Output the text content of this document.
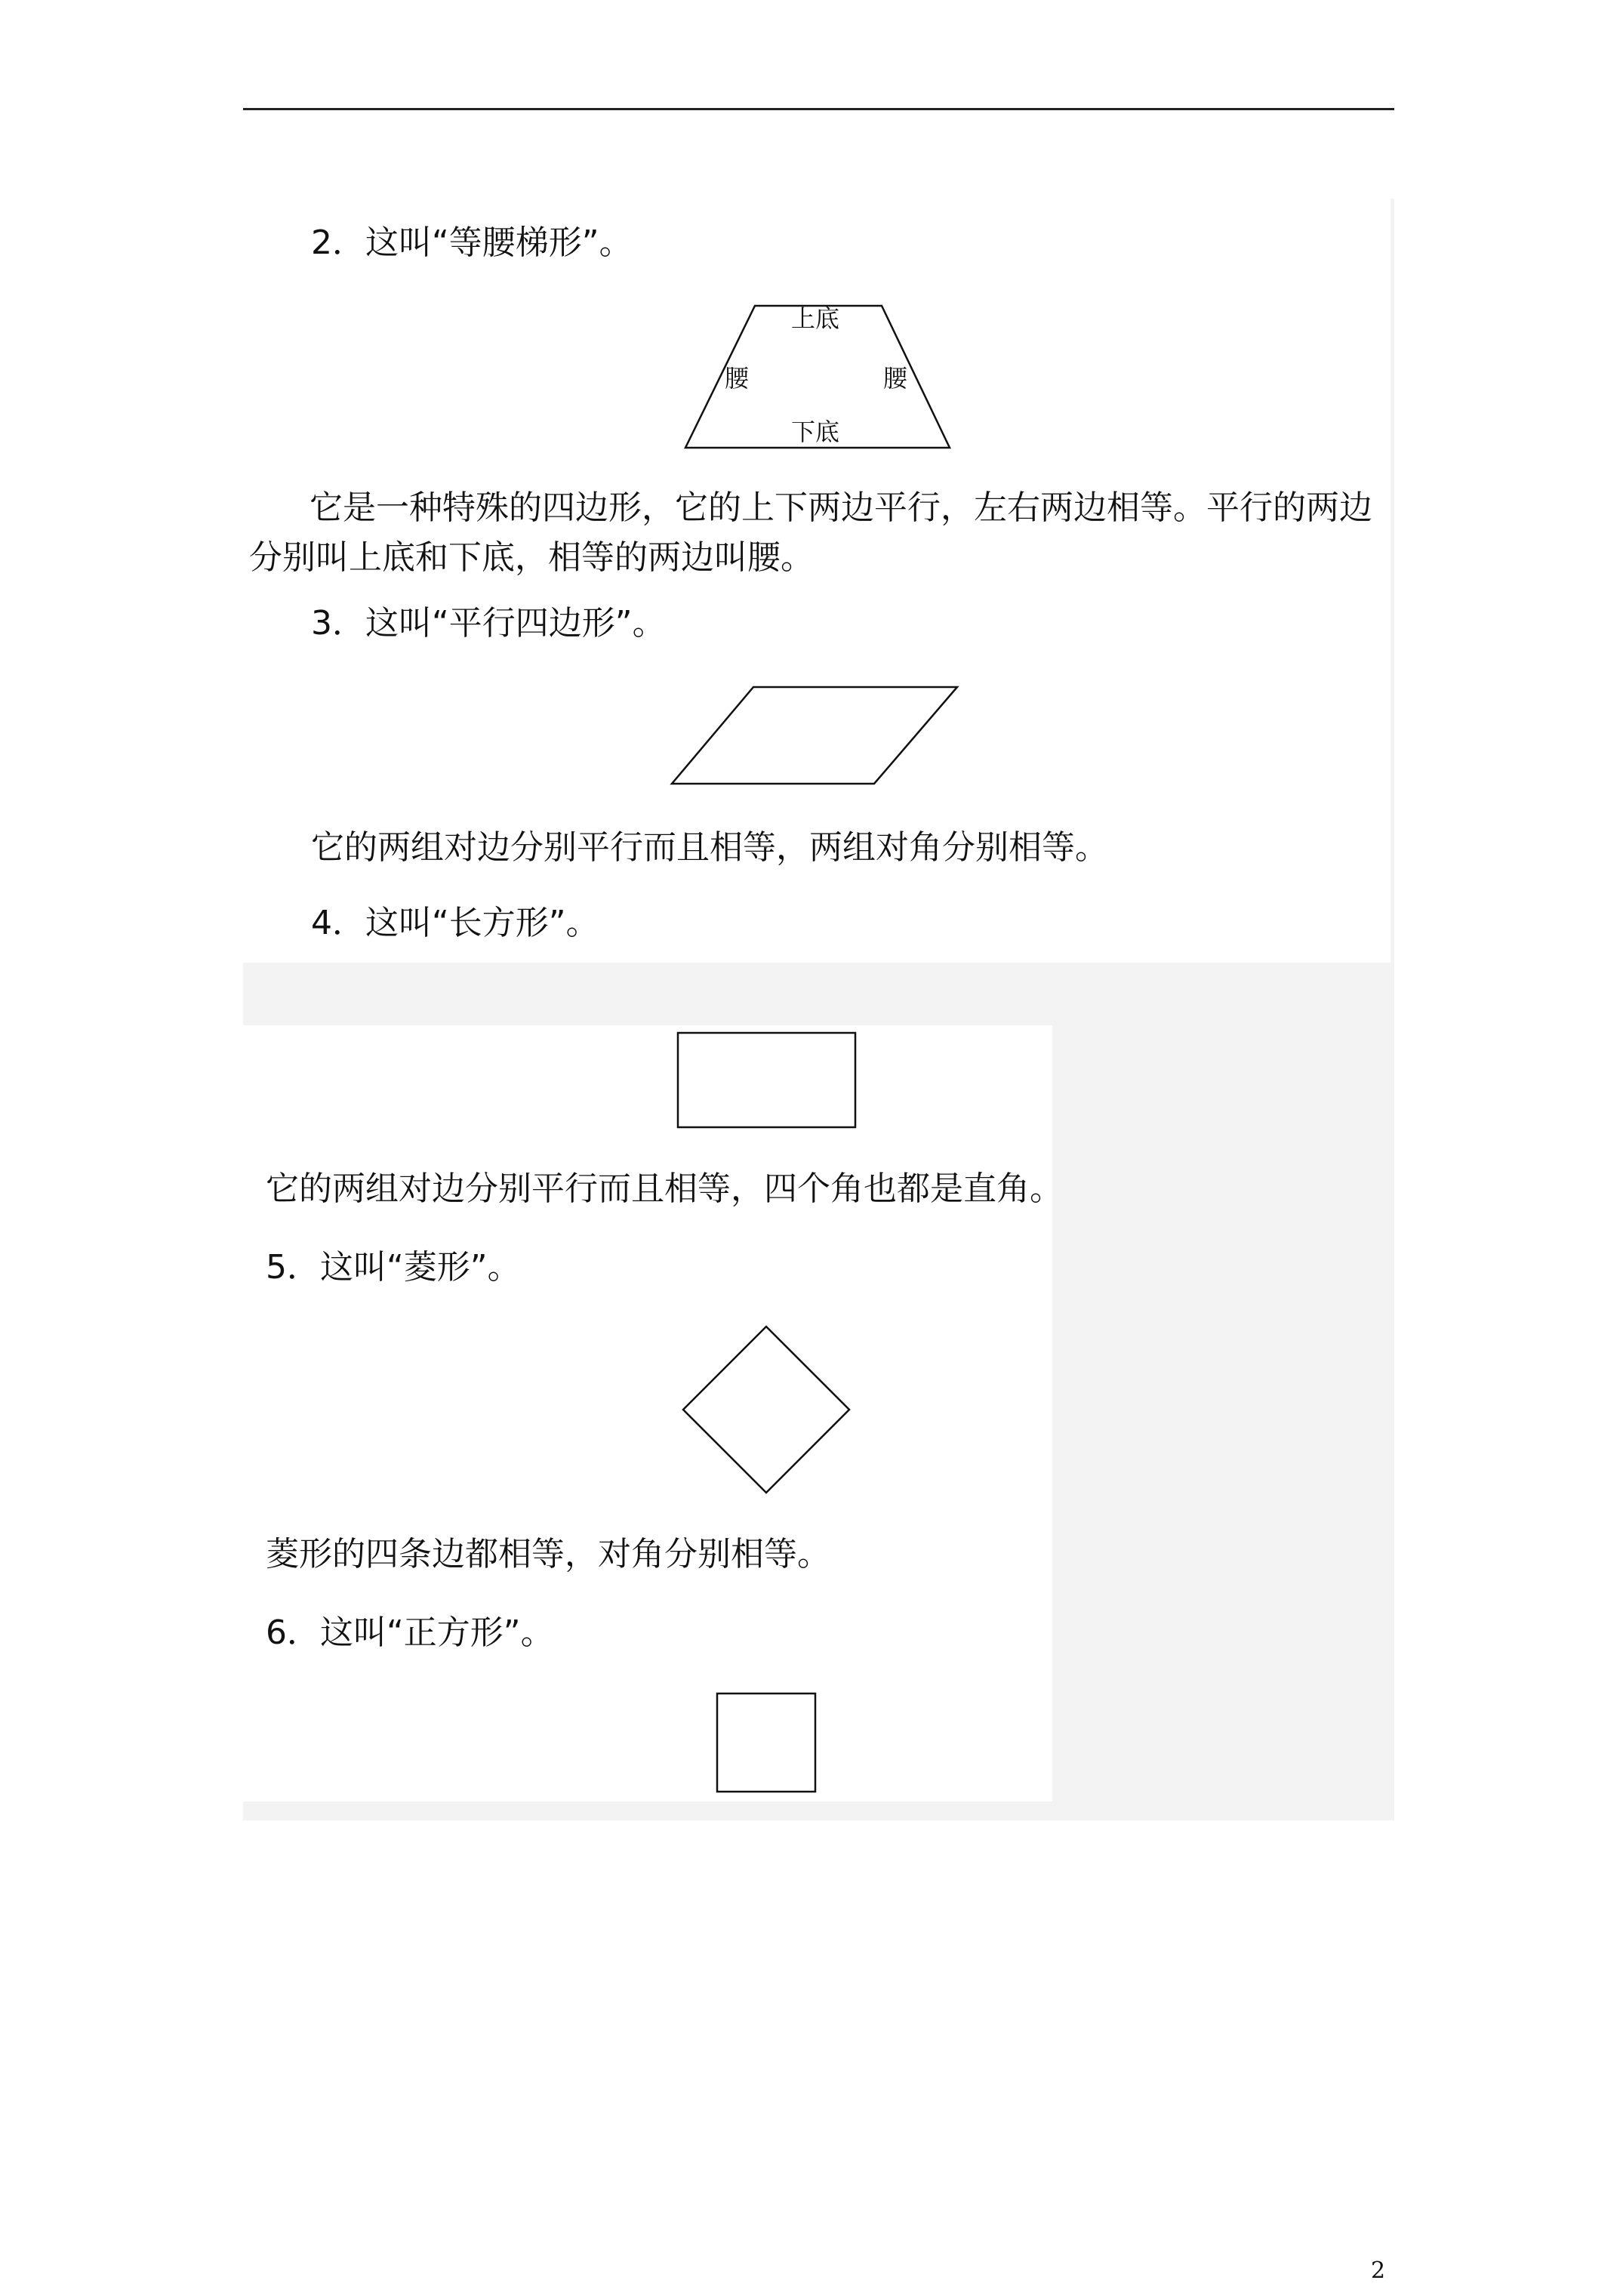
2．这叫“等腰梯形”。
上底
腰	腰
下底
它是一种特殊的四边形，它的上下两边平行，左右两边相等。平行的两边分别叫上底和下底，相等的两边叫腰。
3．这叫“平行四边形”。
它的两组对边分别平行而且相等，两组对角分别相等。
4．这叫“长方形”。
它的两组对边分别平行而且相等，四个角也都是直角。
5．这叫“菱形”。
菱形的四条边都相等，对角分别相等。
6．这叫“正方形”。
2
